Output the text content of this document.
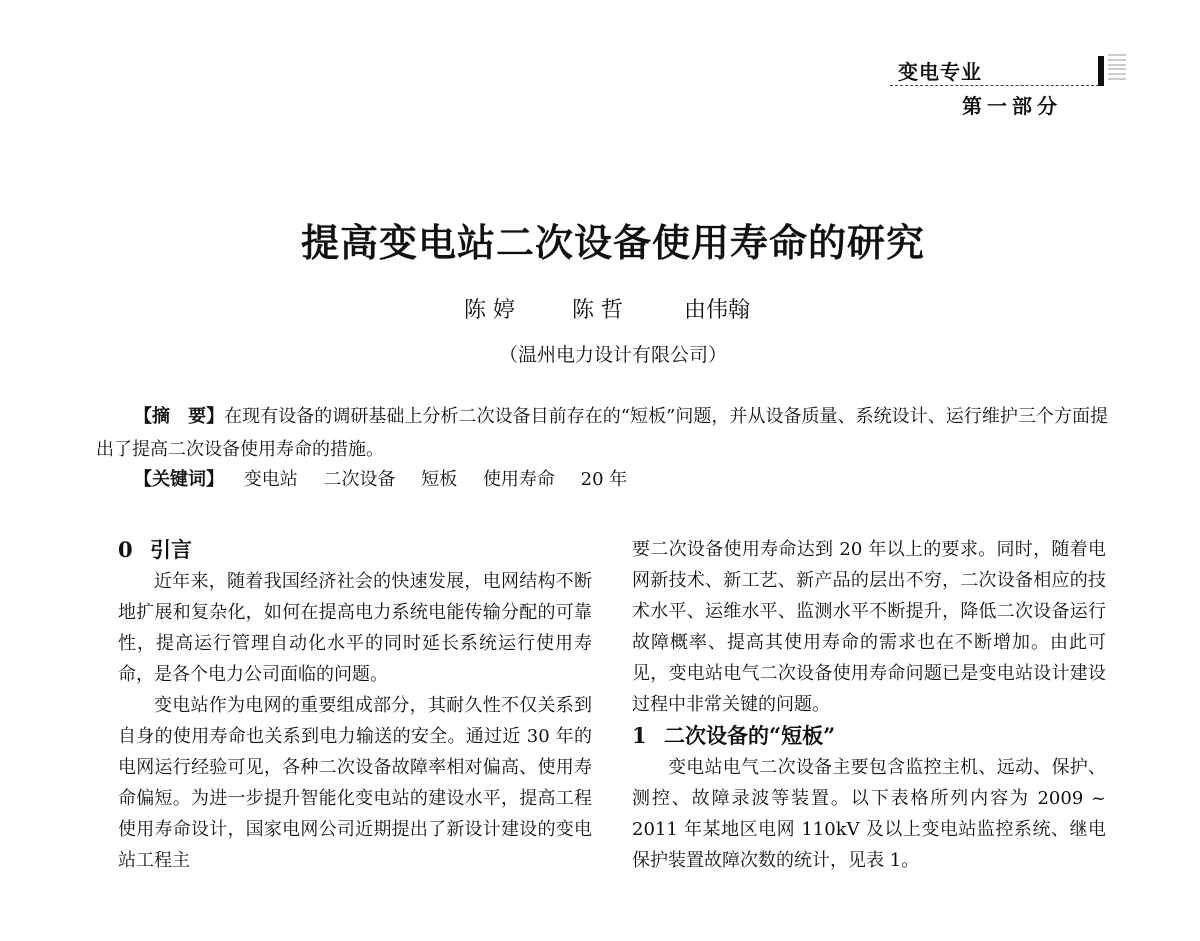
变电专业
第一部分
提高变电站二次设备使用寿命的研究
陈 婷	陈 哲	由伟翰
（温州电力设计有限公司）
【摘　要】在现有设备的调研基础上分析二次设备目前存在的“短板”问题，并从设备质量、系统设计、运行维护三个方面提出了提高二次设备使用寿命的措施。
【关键词】 变电站 二次设备 短板 使用寿命 20 年
0 引言

近年来，随着我国经济社会的快速发展，电网结构不断地扩展和复杂化，如何在提高电力系统电能传输分配的可靠性，提高运行管理自动化水平的同时延长系统运行使用寿命，是各个电力公司面临的问题。

变电站作为电网的重要组成部分，其耐久性不仅关系到自身的使用寿命也关系到电力输送的安全。通过近 30 年的电网运行经验可见，各种二次设备故障率相对偏高、使用寿命偏短。为进一步提升智能化变电站的建设水平，提高工程使用寿命设计，国家电网公司近期提出了新设计建设的变电站工程主

要二次设备使用寿命达到 20 年以上的要求。同时，随着电网新技术、新工艺、新产品的层出不穷，二次设备相应的技术水平、运维水平、监测水平不断提升，降低二次设备运行故障概率、提高其使用寿命的需求也在不断增加。由此可见，变电站电气二次设备使用寿命问题已是变电站设计建设过程中非常关键的问题。

1 二次设备的“短板”

变电站电气二次设备主要包含监控主机、远动、保护、测控、故障录波等装置。以下表格所列内容为 2009 ~ 2011 年某地区电网 110kV 及以上变电站监控系统、继电保护装置故障次数的统计，见表 1。
